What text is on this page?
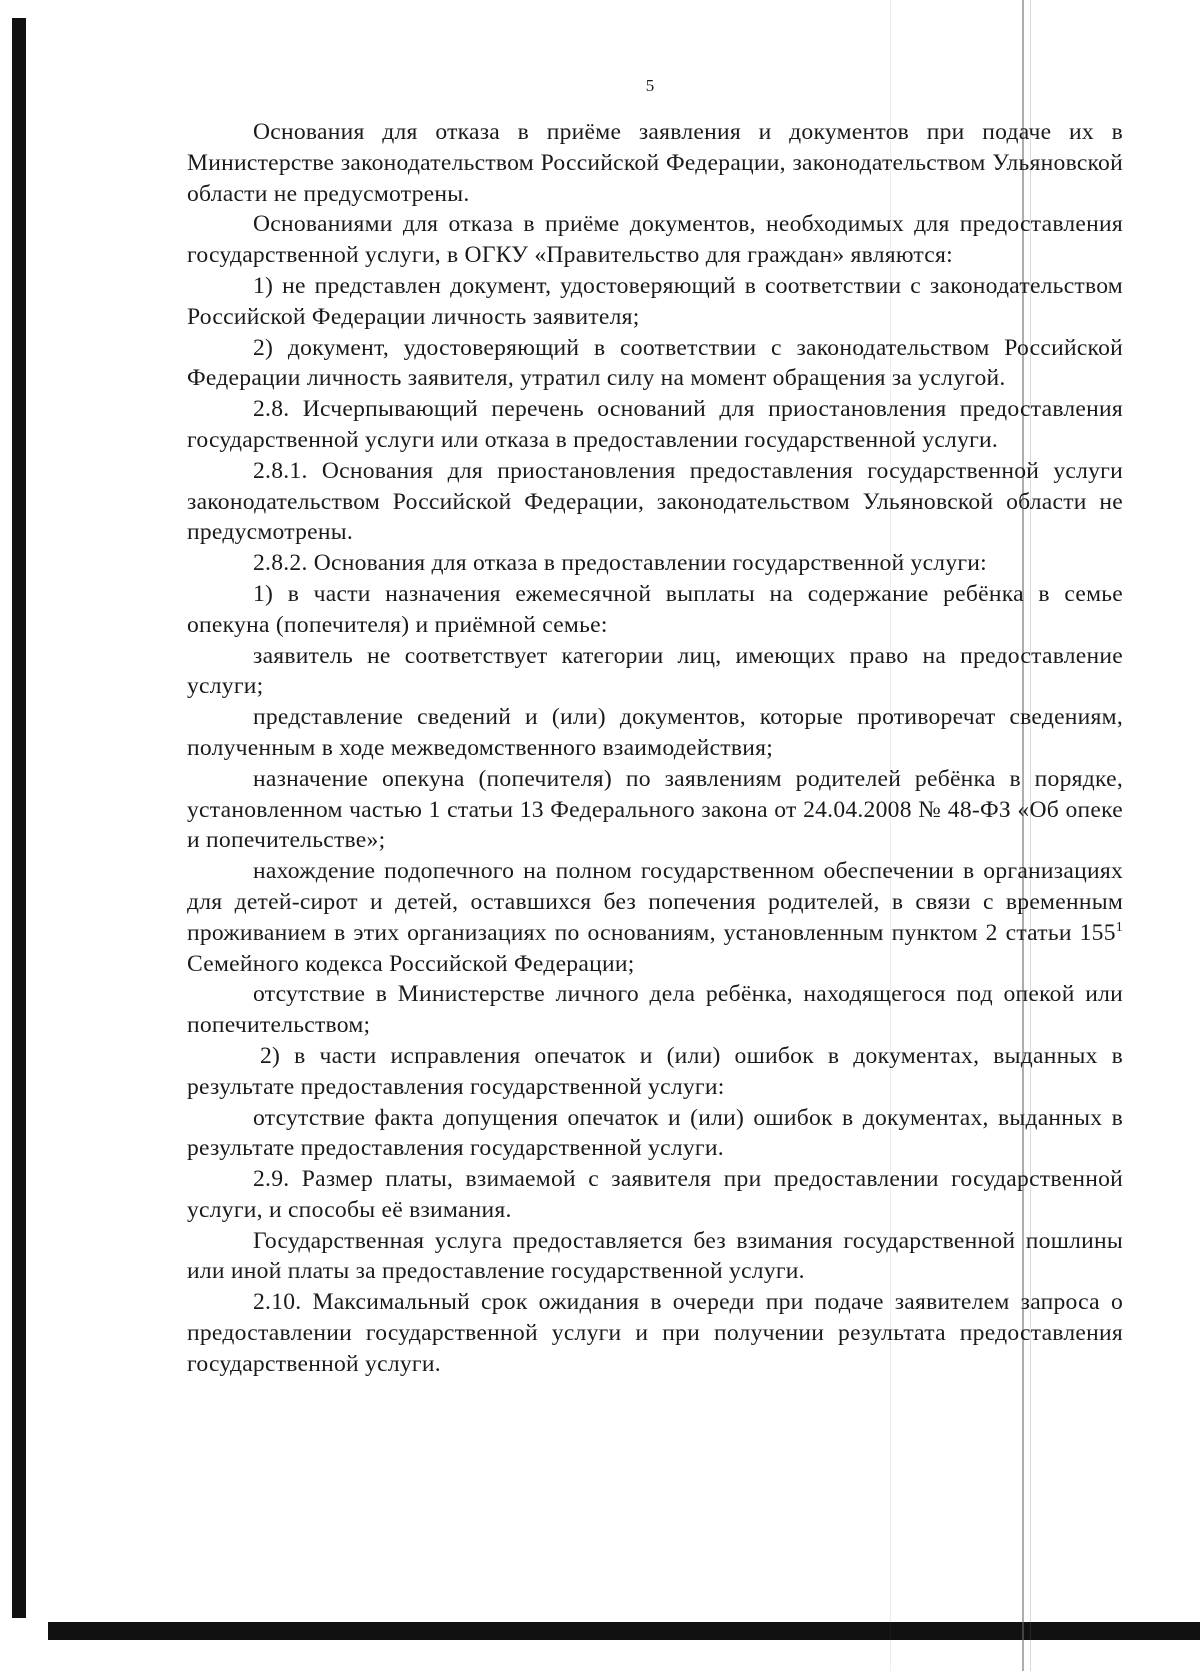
5

Основания для отказа в приёме заявления и документов при подаче их в Министерстве законодательством Российской Федерации, законодательством Ульяновской области не предусмотрены.

Основаниями для отказа в приёме документов, необходимых для предоставления государственной услуги, в ОГКУ «Правительство для граждан» являются:

1) не представлен документ, удостоверяющий в соответствии с законодательством Российской Федерации личность заявителя;

2) документ, удостоверяющий в соответствии с законодательством Российской Федерации личность заявителя, утратил силу на момент обращения за услугой.

2.8. Исчерпывающий перечень оснований для приостановления предоставления государственной услуги или отказа в предоставлении государственной услуги.

2.8.1. Основания для приостановления предоставления государственной услуги законодательством Российской Федерации, законодательством Ульяновской области не предусмотрены.

2.8.2. Основания для отказа в предоставлении государственной услуги:

1) в части назначения ежемесячной выплаты на содержание ребёнка в семье опекуна (попечителя) и приёмной семье:

заявитель не соответствует категории лиц, имеющих право на предоставление услуги;

представление сведений и (или) документов, которые противоречат сведениям, полученным в ходе межведомственного взаимодействия;

назначение опекуна (попечителя) по заявлениям родителей ребёнка в порядке, установленном частью 1 статьи 13 Федерального закона от 24.04.2008 № 48-ФЗ «Об опеке и попечительстве»;

нахождение подопечного на полном государственном обеспечении в организациях для детей-сирот и детей, оставшихся без попечения родителей, в связи с временным проживанием в этих организациях по основаниям, установленным пунктом 2 статьи $155^1$ Семейного кодекса Российской Федерации;

отсутствие в Министерстве личного дела ребёнка, находящегося под опекой или попечительством;

2) в части исправления опечаток и (или) ошибок в документах, выданных в результате предоставления государственной услуги:

отсутствие факта допущения опечаток и (или) ошибок в документах, выданных в результате предоставления государственной услуги.

2.9. Размер платы, взимаемой с заявителя при предоставлении государственной услуги, и способы её взимания.

Государственная услуга предоставляется без взимания государственной пошлины или иной платы за предоставление государственной услуги.

2.10. Максимальный срок ожидания в очереди при подаче заявителем запроса о предоставлении государственной услуги и при получении результата предоставления государственной услуги.
